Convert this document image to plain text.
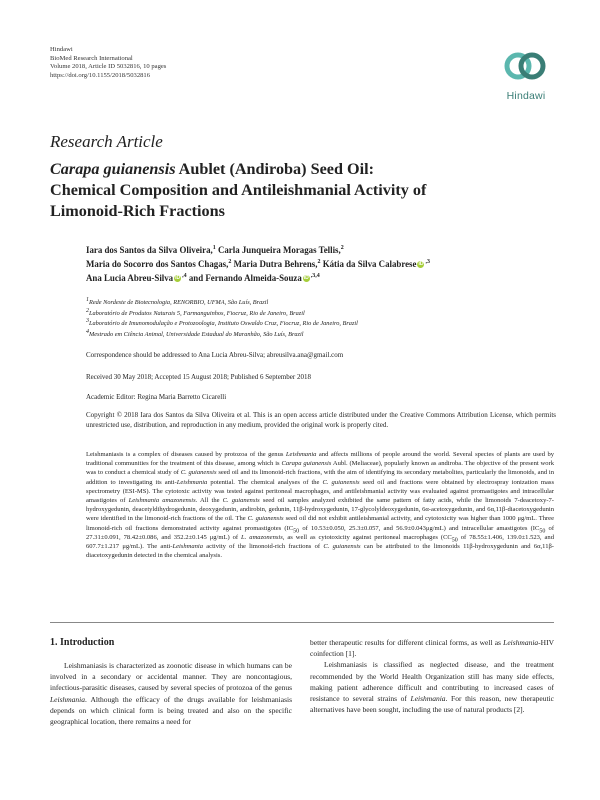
Hindawi
BioMed Research International
Volume 2018, Article ID 5032816, 10 pages
https://doi.org/10.1155/2018/5032816
Hindawi
Research Article
Carapa guianensis Aublet (Andiroba) Seed Oil:
Chemical Composition and Antileishmanial Activity of
Limonoid-Rich Fractions
Iara dos Santos da Silva Oliveira,$^1$ Carla Junqueira Moragas Tellis,$^2$
Maria do Socorro dos Santos Chagas,$^2$ Maria Dutra Behrens,$^2$ Kátia da Silva Calabrese iD $^{,3}$
Ana Lucia Abreu-Silva iD $^{,4}$ and Fernando Almeida-Souza iD $^{,3,4}$
$^1$Rede Nordeste de Biotecnologia, RENORBIO, UFMA, São Luís, Brazil
$^2$Laboratório de Produtos Naturais 5, Farmanguinhos, Fiocruz, Rio de Janeiro, Brazil
$^3$Laboratório de Imunomodulação e Protozoologia, Instituto Oswaldo Cruz, Fiocruz, Rio de Janeiro, Brazil
$^4$Mestrado em Ciência Animal, Universidade Estadual do Maranhão, São Luís, Brazil
Correspondence should be addressed to Ana Lucia Abreu-Silva; abreusilva.ana@gmail.com
Received 30 May 2018; Accepted 15 August 2018; Published 6 September 2018
Academic Editor: Regina Maria Barretto Cicarelli
Copyright © 2018 Iara dos Santos da Silva Oliveira et al. This is an open access article distributed under the Creative Commons Attribution License, which permits unrestricted use, distribution, and reproduction in any medium, provided the original work is properly cited.
Leishmaniasis is a complex of diseases caused by protozoa of the genus Leishmania and affects millions of people around the world. Several species of plants are used by traditional communities for the treatment of this disease, among which is Carapa guianensis Aubl. (Meliaceae), popularly known as andiroba. The objective of the present work was to conduct a chemical study of C. guianensis seed oil and its limonoid-rich fractions, with the aim of identifying its secondary metabolites, particularly the limonoids, and in addition to investigating its anti-Leishmania potential. The chemical analyses of the C. guianensis seed oil and fractions were obtained by electrospray ionization mass spectrometry (ESI-MS). The cytotoxic activity was tested against peritoneal macrophages, and antileishmanial activity was evaluated against promastigotes and intracellular amastigotes of Leishmania amazonensis. All the C. guianensis seed oil samples analyzed exhibited the same pattern of fatty acids, while the limonoids 7-deacetoxy-7-hydroxygedunin, deacetyldihydrogedunin, deoxygedunin, andirobin, gedunin, 11β-hydroxygedunin, 17-glycolyldeoxygedunin, 6α-acetoxygedunin, and 6α,11β-diacetoxygedunin were identified in the limonoid-rich fractions of the oil. The C. guianensis seed oil did not exhibit antileishmanial activity, and cytotoxicity was higher than 1000 μg/mL. Three limonoid-rich oil fractions demonstrated activity against promastigotes ($IC_{50}$ of 10.53±0.050, 25.3±0.057, and 56.9±0.043μg/mL) and intracellular amastigotes ($IC_{50}$ of 27.31±0.091, 78.42±0.086, and 352.2±0.145 μg/mL) of L. amazonensis, as well as cytotoxicity against peritoneal macrophages ($CC_{50}$ of 78.55±1.406, 139.0±1.523, and 607.7±1.217 μg/mL). The anti-Leishmania activity of the limonoid-rich fractions of C. guianensis can be attributed to the limonoids 11β-hydroxygedunin and 6α,11β-diacetoxygedunin detected in the chemical analysis.
1. Introduction
Leishmaniasis is characterized as zoonotic disease in which humans can be involved in a secondary or accidental manner. They are noncontagious, infectious-parasitic diseases, caused by several species of protozoa of the genus Leishmania. Although the efficacy of the drugs available for leishmaniasis depends on which clinical form is being treated and also on the specific geographical location, there remains a need for
better therapeutic results for different clinical forms, as well as Leishmania-HIV coinfection [1].
Leishmaniasis is classified as neglected disease, and the treatment recommended by the World Health Organization still has many side effects, making patient adherence difficult and contributing to increased cases of resistance to several strains of Leishmania. For this reason, new therapeutic alternatives have been sought, including the use of natural products [2].
